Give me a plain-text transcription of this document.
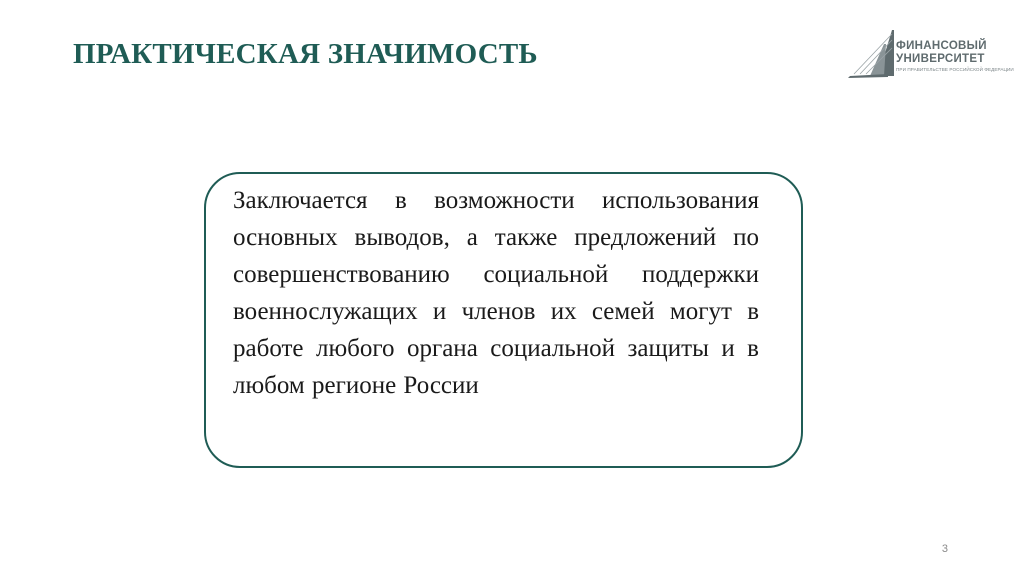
ПРАКТИЧЕСКАЯ ЗНАЧИМОСТЬ	ФИНАНСОВЫЙ
УНИВЕРСИТЕТ
ПРИ ПРАВИТЕЛЬСТВЕ РОССИЙСКОЙ ФЕДЕРАЦИИ

Заключается в возможности использования основных выводов, а также предложений по совершенствованию социальной поддержки военнослужащих и членов их семей могут в работе любого органа социальной защиты и в любом регионе России

3
